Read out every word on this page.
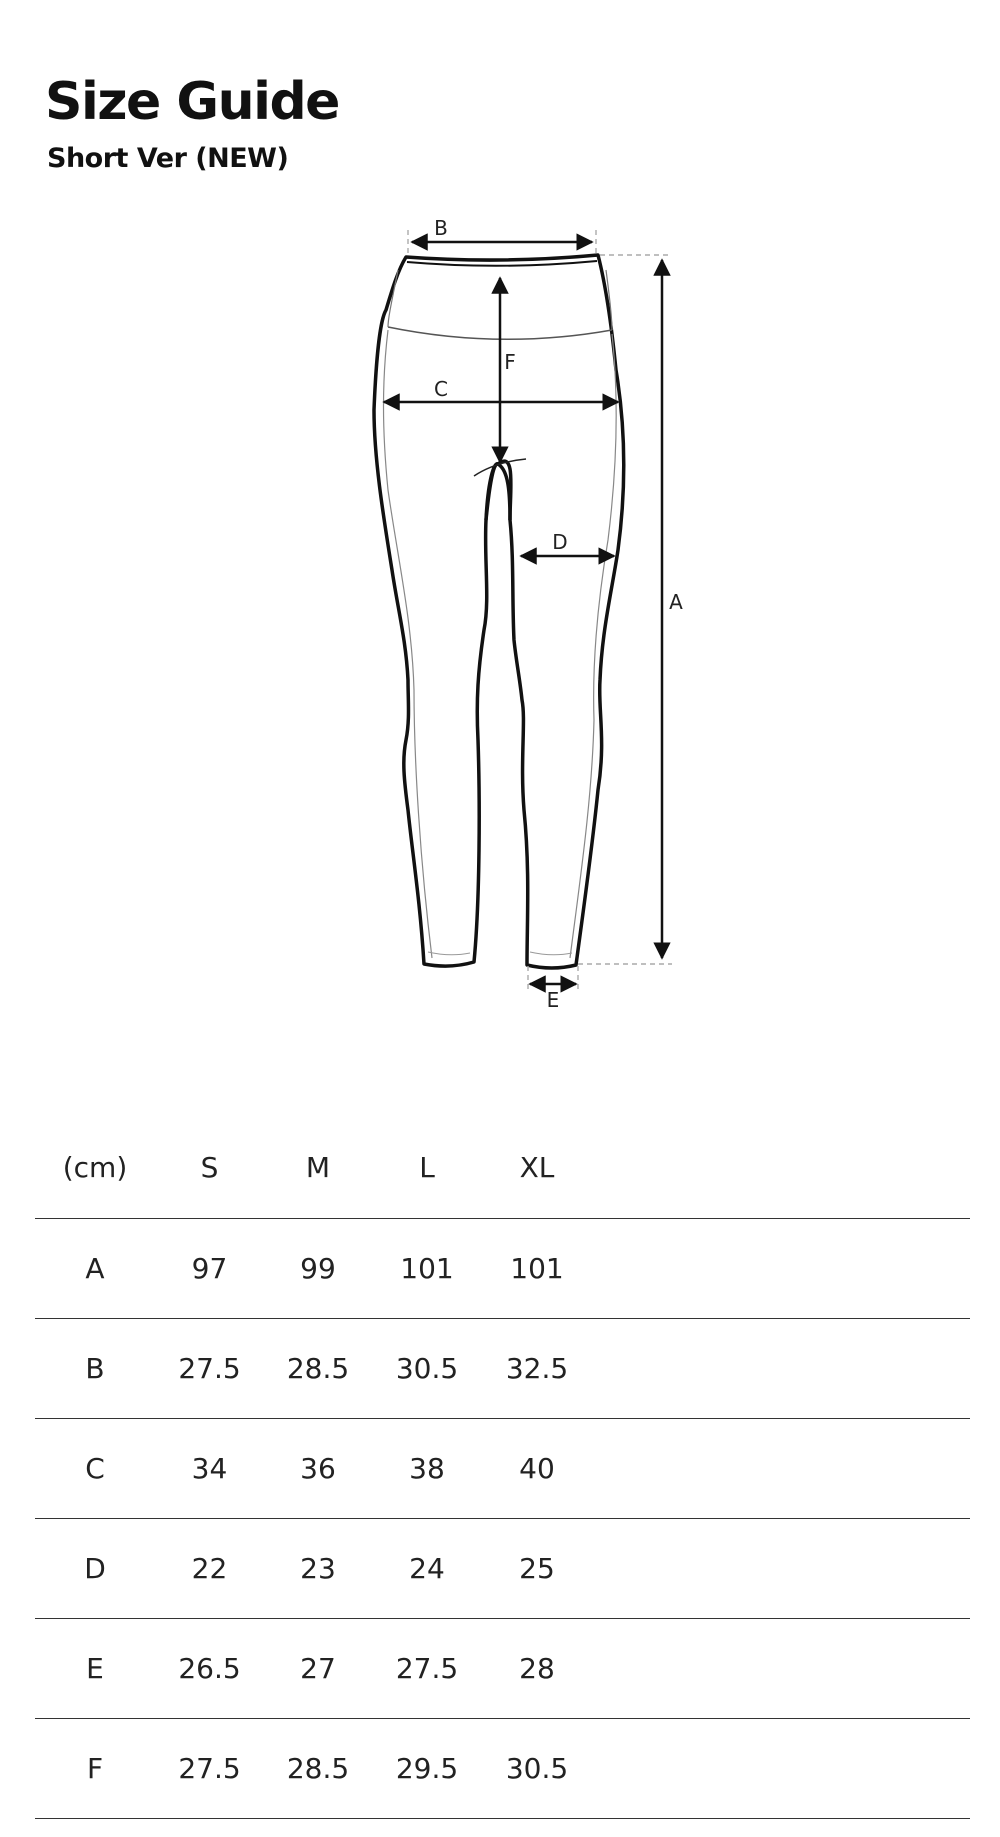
Size Guide
Short Ver (NEW)
B
F
C
D
A
E
(cm)	S	M	L	XL	
A	97	99	101	101	
B	27.5	28.5	30.5	32.5	
C	34	36	38	40	
D	22	23	24	25	
E	26.5	27	27.5	28	
F	27.5	28.5	29.5	30.5	
